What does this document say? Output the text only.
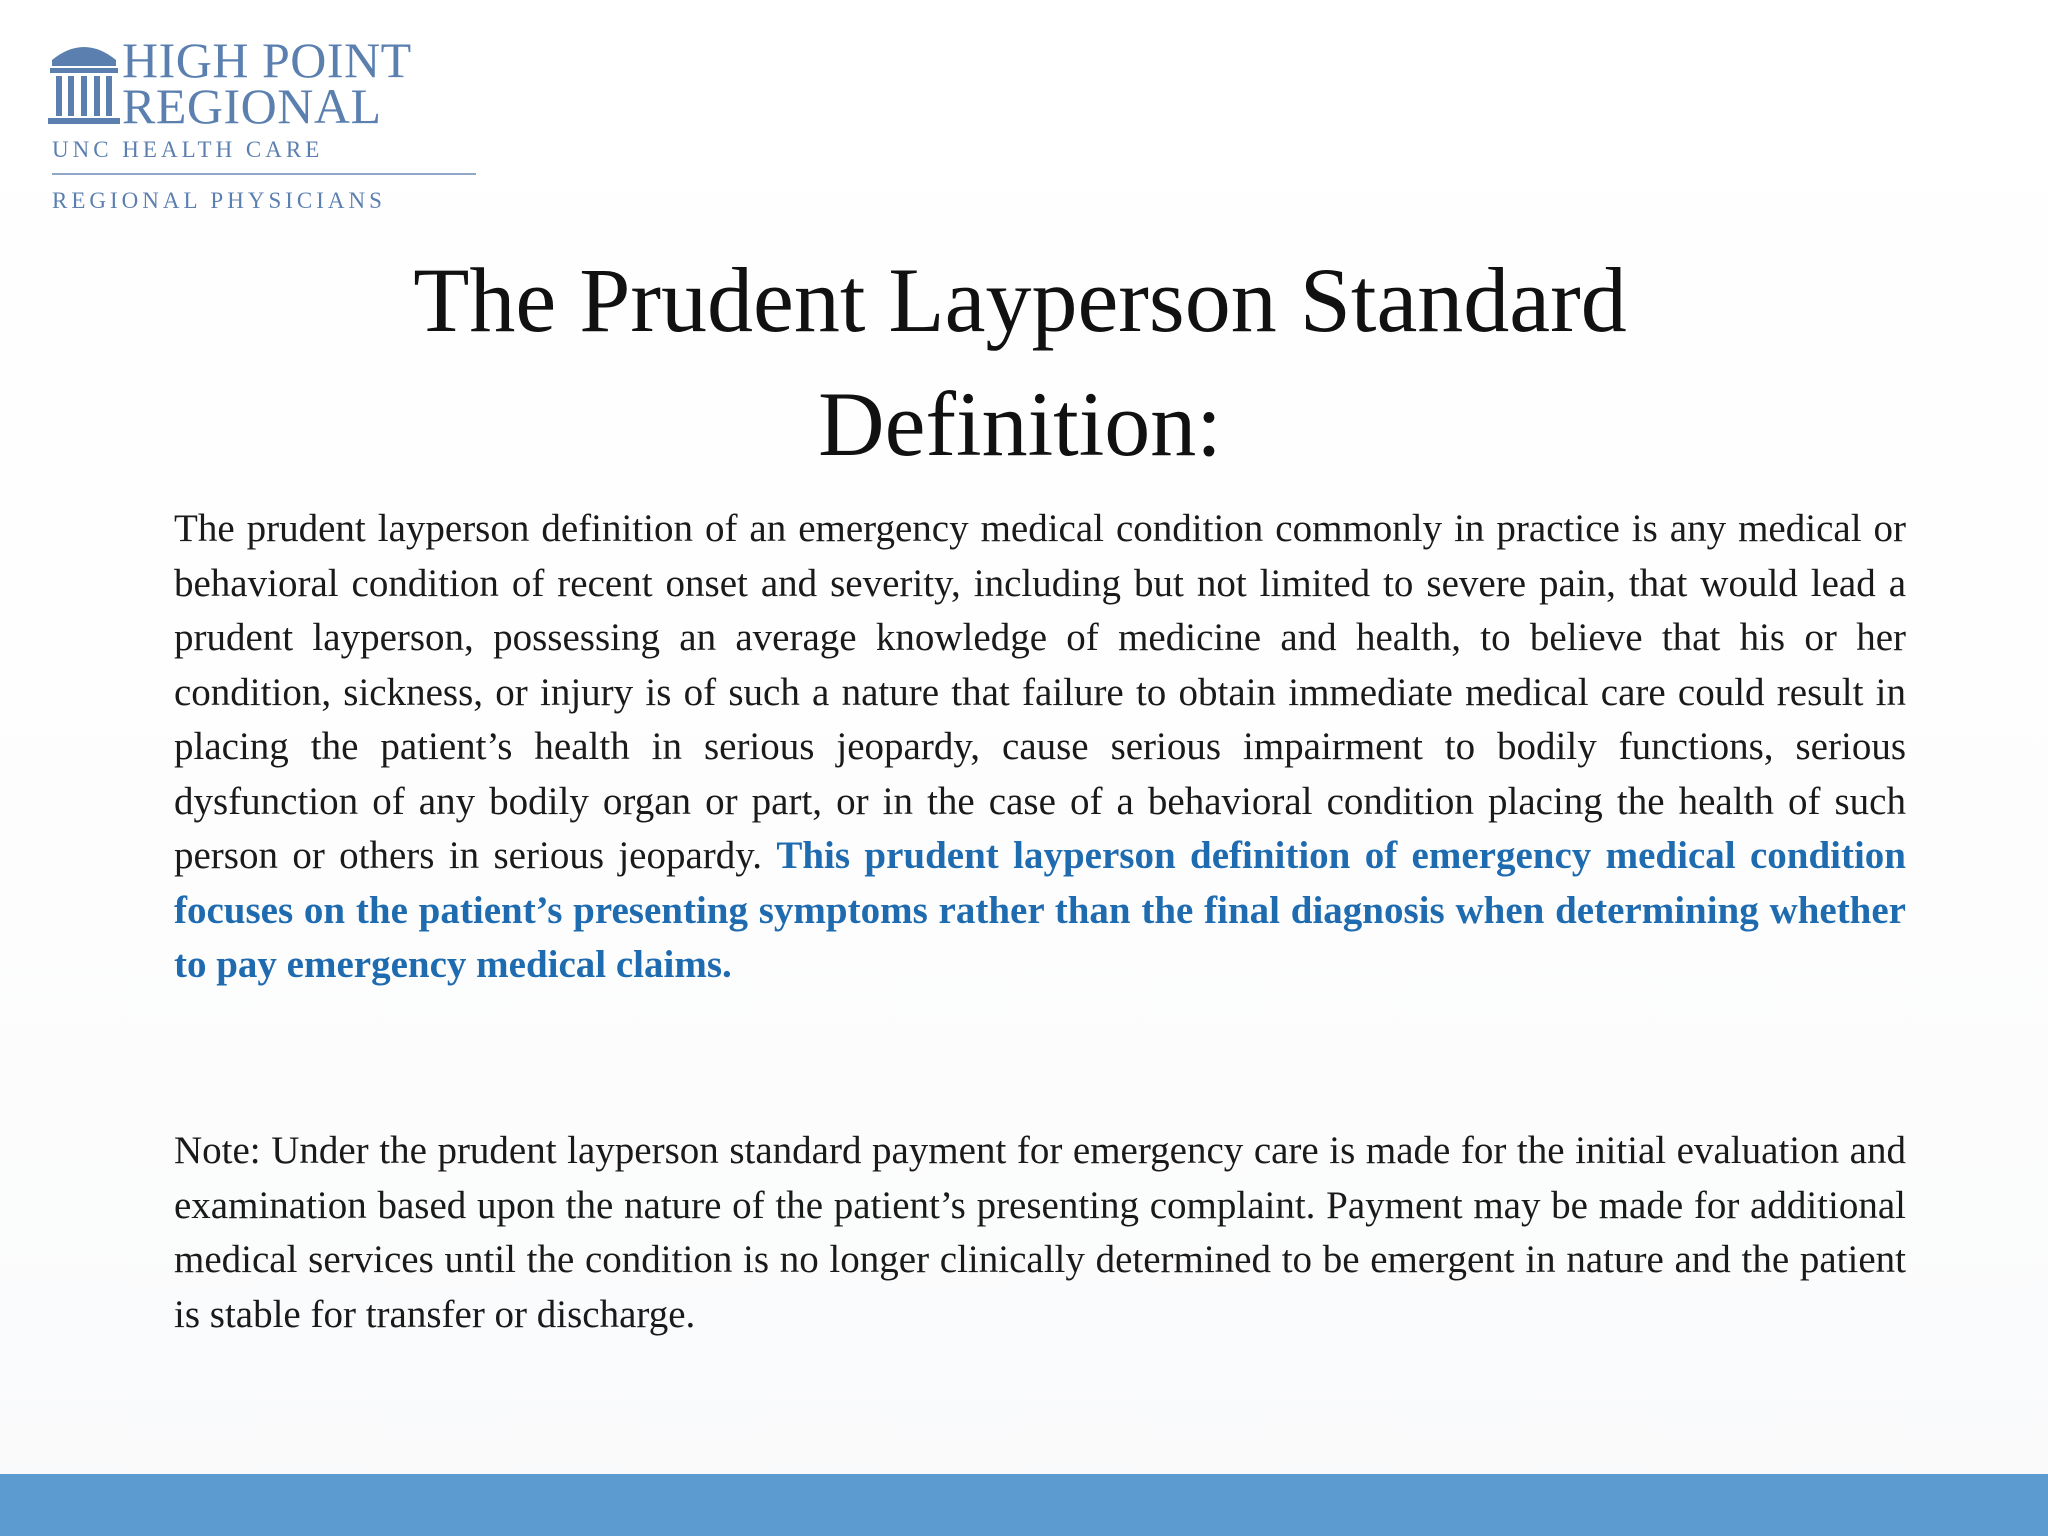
HIGH POINT
REGIONAL
UNC HEALTH CARE
REGIONAL PHYSICIANS
The Prudent Layperson Standard
Definition:

The prudent layperson definition of an emergency medical condition commonly in practice is any medical or behavioral condition of recent onset and severity, including but not limited to severe pain, that would lead a prudent layperson, possessing an average knowledge of medicine and health, to believe that his or her condition, sickness, or injury is of such a nature that failure to obtain immediate medical care could result in placing the patient’s health in serious jeopardy, cause serious impairment to bodily functions, serious dysfunction of any bodily organ or part, or in the case of a behavioral condition placing the health of such person or others in serious jeopardy. This prudent layperson definition of emergency medical condition focuses on the patient’s presenting symptoms rather than the final diagnosis when determining whether to pay emergency medical claims.

Note: Under the prudent layperson standard payment for emergency care is made for the initial evaluation and examination based upon the nature of the patient’s presenting complaint. Payment may be made for additional medical services until the condition is no longer clinically determined to be emergent in nature and the patient is stable for transfer or discharge.
